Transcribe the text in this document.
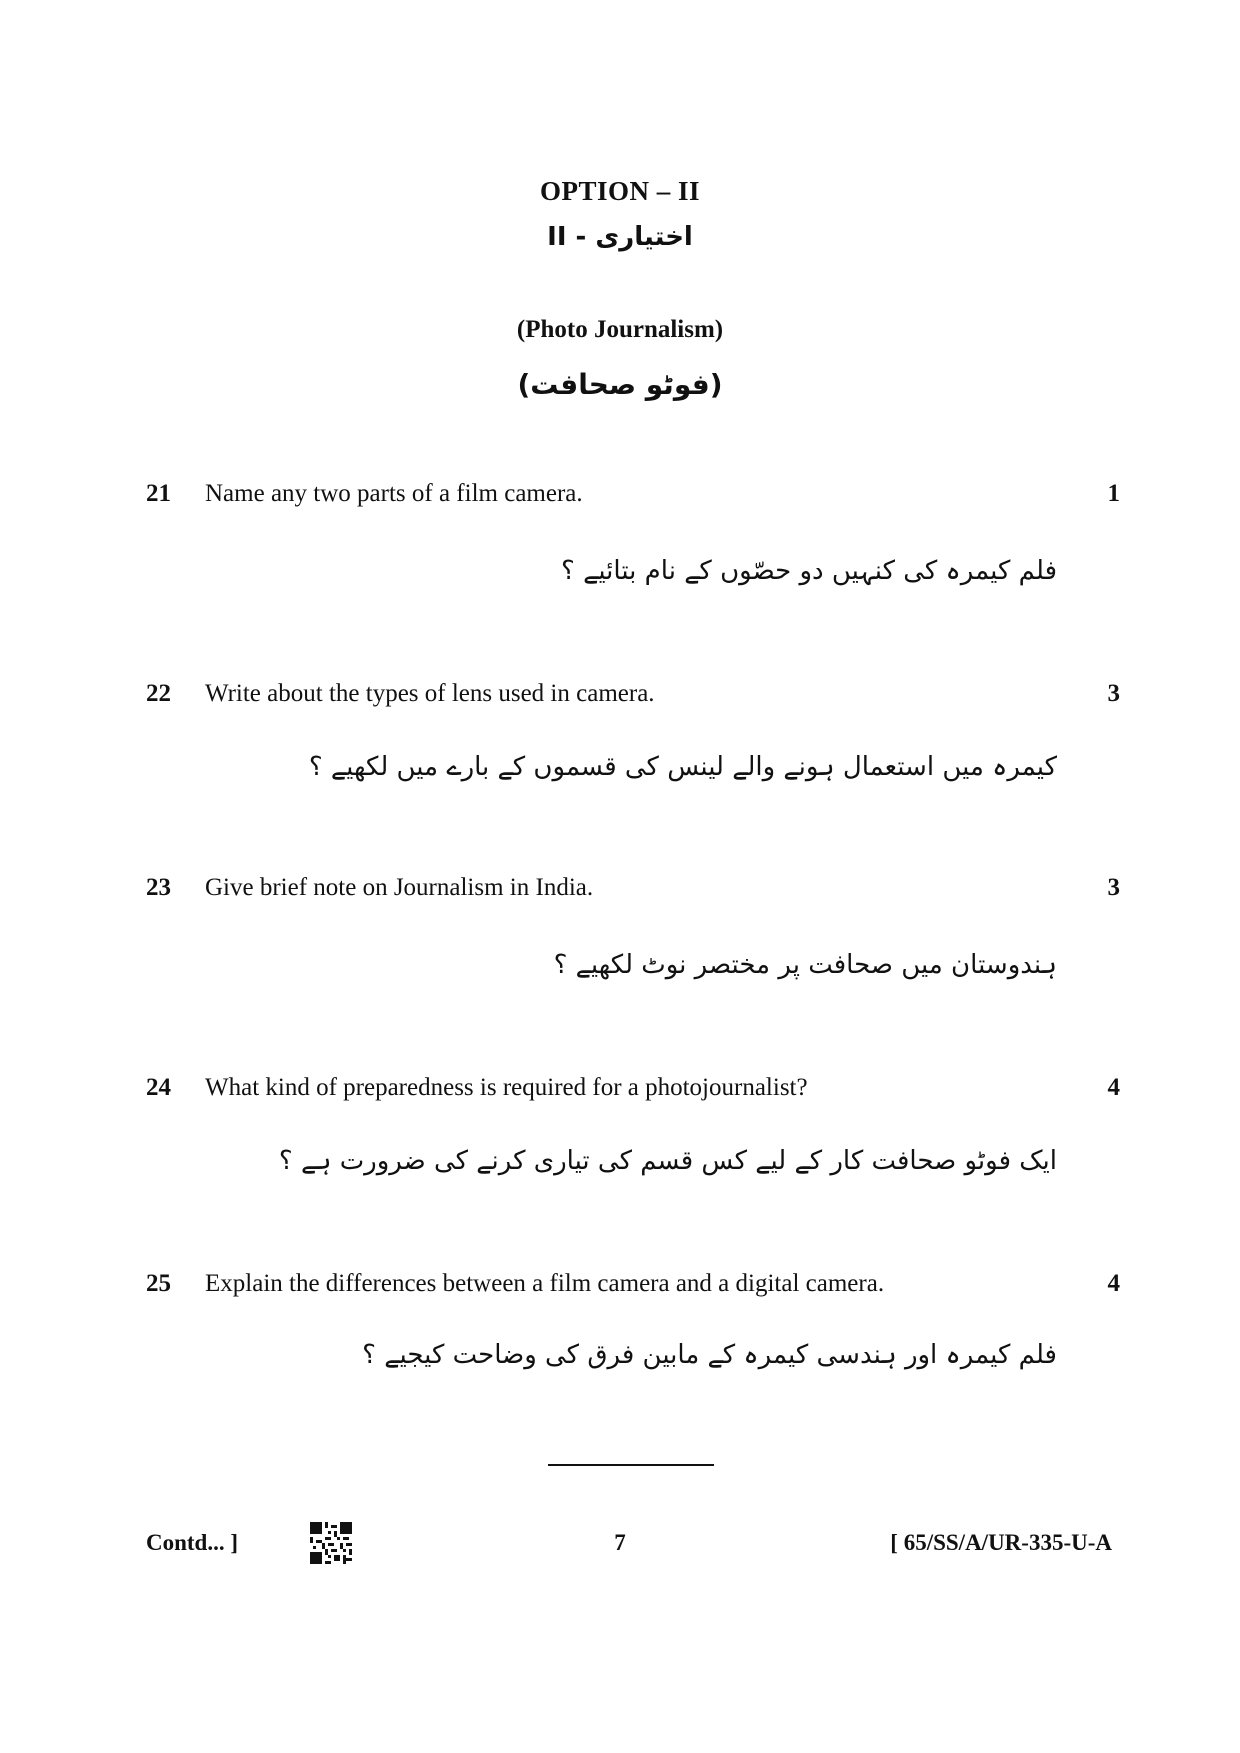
OPTION – II
II - اختیاری
(Photo Journalism)
(فوٹو صحافت)
21 Name any two parts of a film camera.	1
فلم کیمرہ کی کنہیں دو حصّوں کے نام بتائیے ؟
22 Write about the types of lens used in camera.	3
کیمرہ میں استعمال ہونے والے لینس کی قسموں کے بارے میں لکھیے ؟
23 Give brief note on Journalism in India.	3
ہندوستان میں صحافت پر مختصر نوٹ لکھیے ؟
24 What kind of preparedness is required for a photojournalist?	4
ایک فوٹو صحافت کار کے لیے کس قسم کی تیاری کرنے کی ضرورت ہے ؟
25 Explain the differences between a film camera and a digital camera.	4
فلم کیمرہ اور ہندسی کیمرہ کے مابین فرق کی وضاحت کیجیے ؟
Contd... ]	7	[ 65/SS/A/UR-335-U-A
